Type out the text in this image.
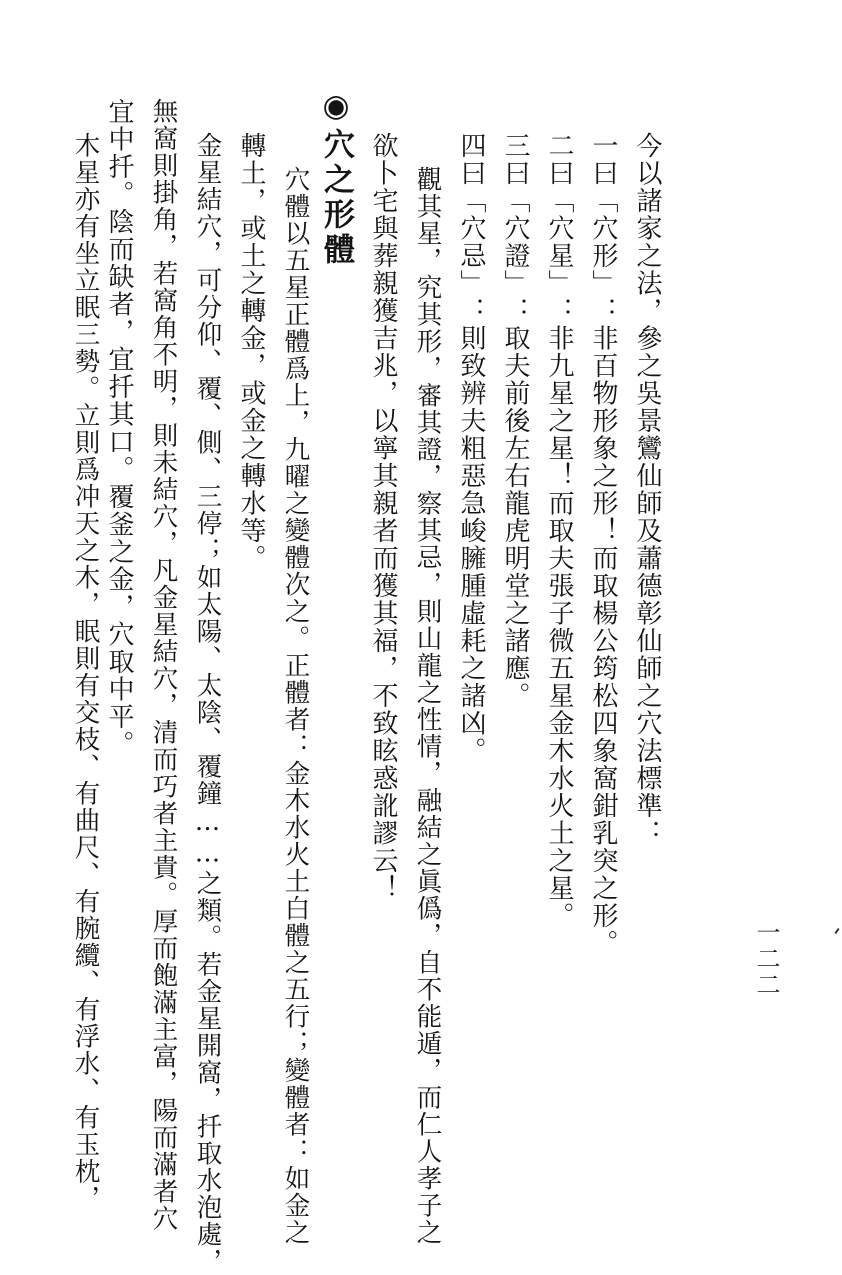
今以諸家之法，參之吳景鸞仙師及蕭德彰仙師之穴法標準：
一曰「穴形」：非百物形象之形！而取楊公筠松四象窩鉗乳突之形。
二曰「穴星」：非九星之星！而取夫張子微五星金木水火土之星。
三曰「穴證」：取夫前後左右龍虎明堂之諸應。
四曰「穴忌」：則致辨夫粗惡急峻臃腫虛耗之諸凶。
觀其星，究其形，審其證，察其忌，則山龍之性情，融結之眞僞，自不能遁，而仁人孝子之
欲卜宅與葬親獲吉兆，以寧其親者而獲其福，不致眩惑訛謬云！
◉穴之形體
穴體以五星正體爲上，九曜之變體次之。正體者：金木水火土白體之五行；變體者：如金之
轉土，或土之轉金，或金之轉水等。
金星結穴，可分仰、覆、側、三停；如太陽、太陰、覆鐘……之類。若金星開窩，扦取水泡處，
無窩則掛角，若窩角不明，則未結穴，凡金星結穴，清而巧者主貴。厚而飽滿主富，陽而滿者穴
宜中扦。陰而缺者，宜扦其口。覆釜之金，穴取中平。
木星亦有坐立眠三勢。立則爲冲天之木，眠則有交枝、有曲尺、有腕纜、有浮水、有玉枕，	一二二
